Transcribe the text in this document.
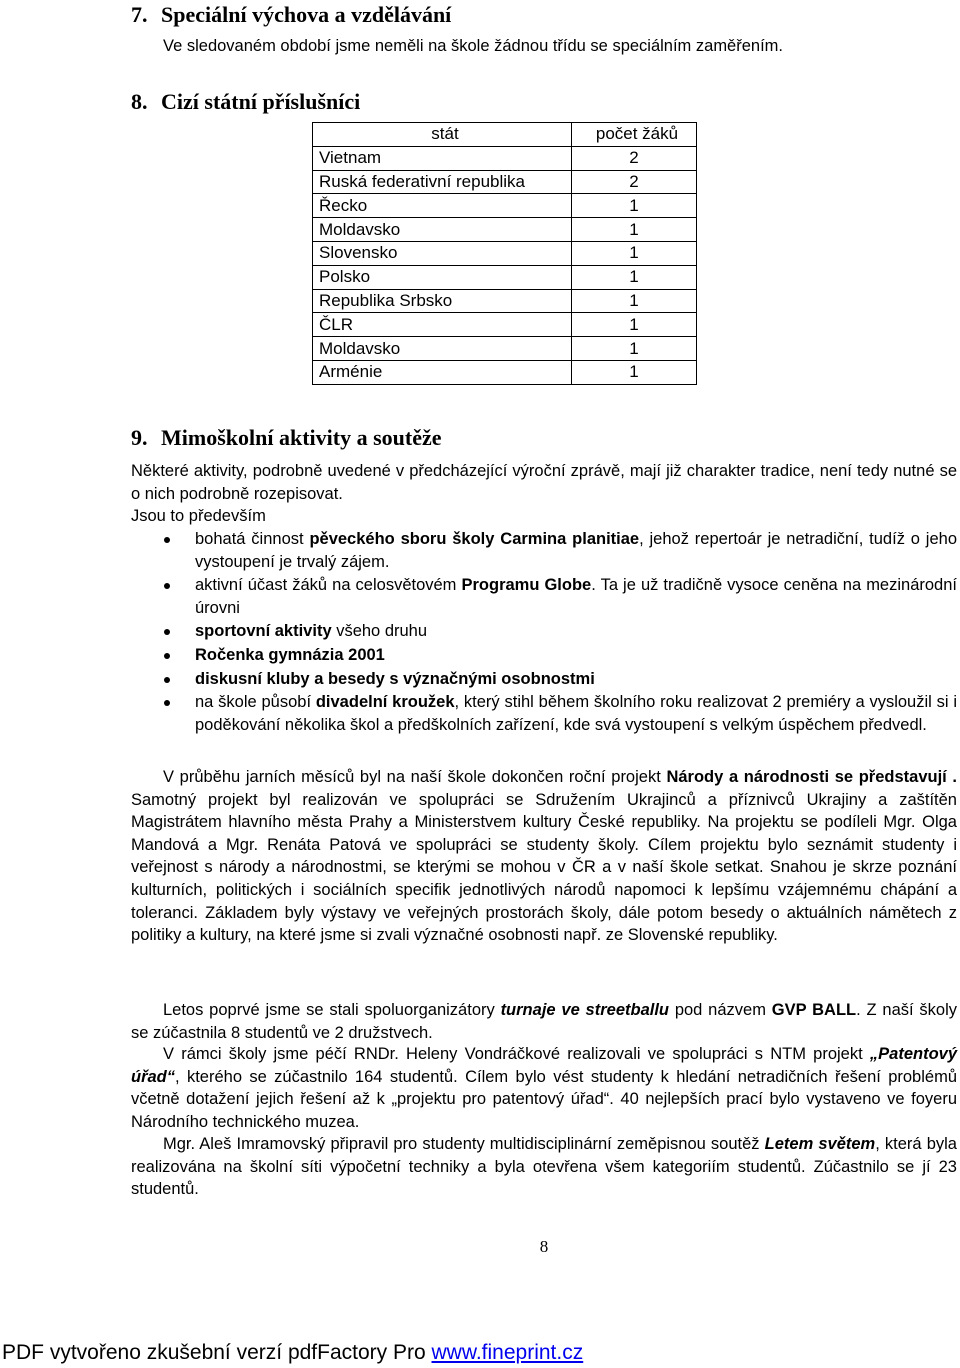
7. Speciální výchova a vzdělávání

Ve sledovaném období jsme neměli na škole žádnou třídu se speciálním zaměřením.

8. Cizí státní příslušníci
stát	počet žáků
Vietnam	2
Ruská federativní republika	2
Řecko	1
Moldavsko	1
Slovensko	1
Polsko	1
Republika Srbsko	1
ČLR	1
Moldavsko	1
Arménie	1
9. Mimoškolní aktivity a soutěže

Některé aktivity, podrobně uvedené v předcházející výroční zprávě, mají již charakter tradice, není tedy nutné se o nich podrobně rozepisovat.

Jsou to především

bohatá činnost pěveckého sboru školy Carmina planitiae, jehož repertoár je netradiční, tudíž o jeho vystoupení je trvalý zájem.
aktivní účast žáků na celosvětovém Programu Globe. Ta je už tradičně vysoce ceněna na mezinárodní úrovni
sportovní aktivity všeho druhu
Ročenka gymnázia 2001
diskusní kluby a besedy s význačnými osobnostmi
na škole působí divadelní kroužek, který stihl během školního roku realizovat 2 premiéry a vysloužil si i poděkování několika škol a předškolních zařízení, kde svá vystoupení s velkým úspěchem předvedl.

V průběhu jarních měsíců byl na naší škole dokončen roční projekt Národy a národnosti se představují . Samotný projekt byl realizován ve spolupráci se Sdružením Ukrajinců a příznivců Ukrajiny a zaštítěn Magistrátem hlavního města Prahy a Ministerstvem kultury České republiky. Na projektu se podíleli Mgr. Olga Mandová a Mgr. Renáta Patová ve spolupráci se studenty školy. Cílem projektu bylo seznámit studenty i veřejnost s národy a národnostmi, se kterými se mohou v ČR a v naší škole setkat. Snahou je skrze poznání kulturních, politických i sociálních specifik jednotlivých národů napomoci k lepšímu vzájemnému chápání a toleranci. Základem byly výstavy ve veřejných prostorách školy, dále potom besedy o aktuálních námětech z politiky a kultury, na které jsme si zvali význačné osobnosti např. ze Slovenské republiky.

Letos poprvé jsme se stali spoluorganizátory turnaje ve streetballu pod názvem GVP BALL. Z naší školy se zúčastnila 8 studentů ve 2 družstvech.

V rámci školy jsme péčí RNDr. Heleny Vondráčkové realizovali ve spolupráci s NTM projekt „Patentový úřad“, kterého se zúčastnilo 164 studentů. Cílem bylo vést studenty k hledání netradičních řešení problémů včetně dotažení jejich řešení až k „projektu pro patentový úřad“. 40 nejlepších prací bylo vystaveno ve foyeru Národního technického muzea.

Mgr. Aleš Imramovský připravil pro studenty multidisciplinární zeměpisnou soutěž Letem světem, která byla realizována na školní síti výpočetní techniky a byla otevřena všem kategoriím studentů. Zúčastnilo se jí 23 studentů.

8
PDF vytvořeno zkušební verzí pdfFactory Pro www.fineprint.cz
